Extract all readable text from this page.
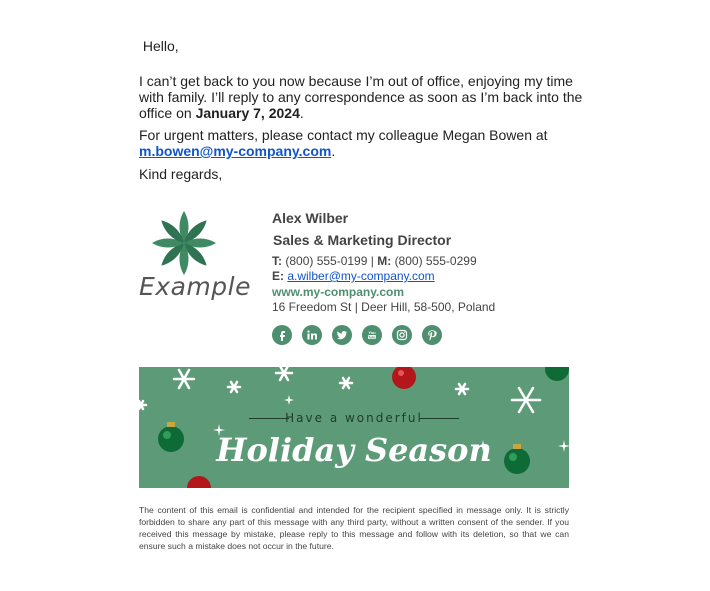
Hello,
I can’t get back to you now because I’m out of office, enjoying my time with family. I’ll reply to any correspondence as soon as I’m back into the office on January 7, 2024.
For urgent matters, please contact my colleague Megan Bowen at m.bowen@my-company.com.
Kind regards,
Example
Alex Wilber
Sales & Marketing Director
T: (800) 555-0199 | M: (800) 555-0299
E: a.wilber@my-company.com
www.my-company.com
16 Freedom St | Deer Hill, 58-500, Poland
You
Tube
Have a wonderful
Holiday Season
The content of this email is confidential and intended for the recipient specified in message only. It is strictly forbidden to share any part of this message with any third party, without a written consent of the sender. If you received this message by mistake, please reply to this message and follow with its deletion, so that we can ensure such a mistake does not occur in the future.
